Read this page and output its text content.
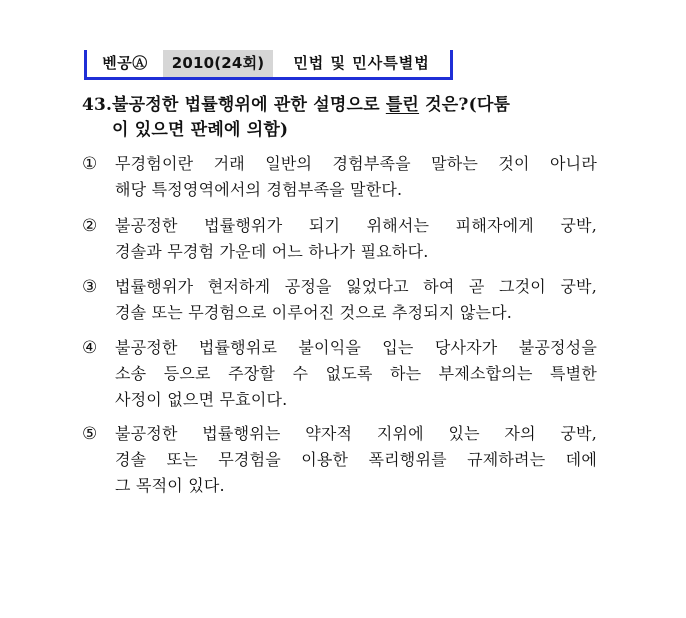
벤공Ⓐ	2010(24회)	민법 및 민사특별법
43.불공정한 법률행위에 관한 설명으로 틀린 것은?(다툼
이 있으면 판례에 의함)
①	무경험이란 거래 일반의 경험부족을 말하는 것이 아니라
해당 특정영역에서의 경험부족을 말한다.
②	불공정한 법률행위가 되기 위해서는 피해자에게 궁박,
경솔과 무경험 가운데 어느 하나가 필요하다.
③	법률행위가 현저하게 공정을 잃었다고 하여 곧 그것이 궁박,
경솔 또는 무경험으로 이루어진 것으로 추정되지 않는다.
④	불공정한 법률행위로 불이익을 입는 당사자가 불공정성을
소송 등으로 주장할 수 없도록 하는 부제소합의는 특별한
사정이 없으면 무효이다.
⑤	불공정한 법률행위는 약자적 지위에 있는 자의 궁박,
경솔 또는 무경험을 이용한 폭리행위를 규제하려는 데에
그 목적이 있다.
